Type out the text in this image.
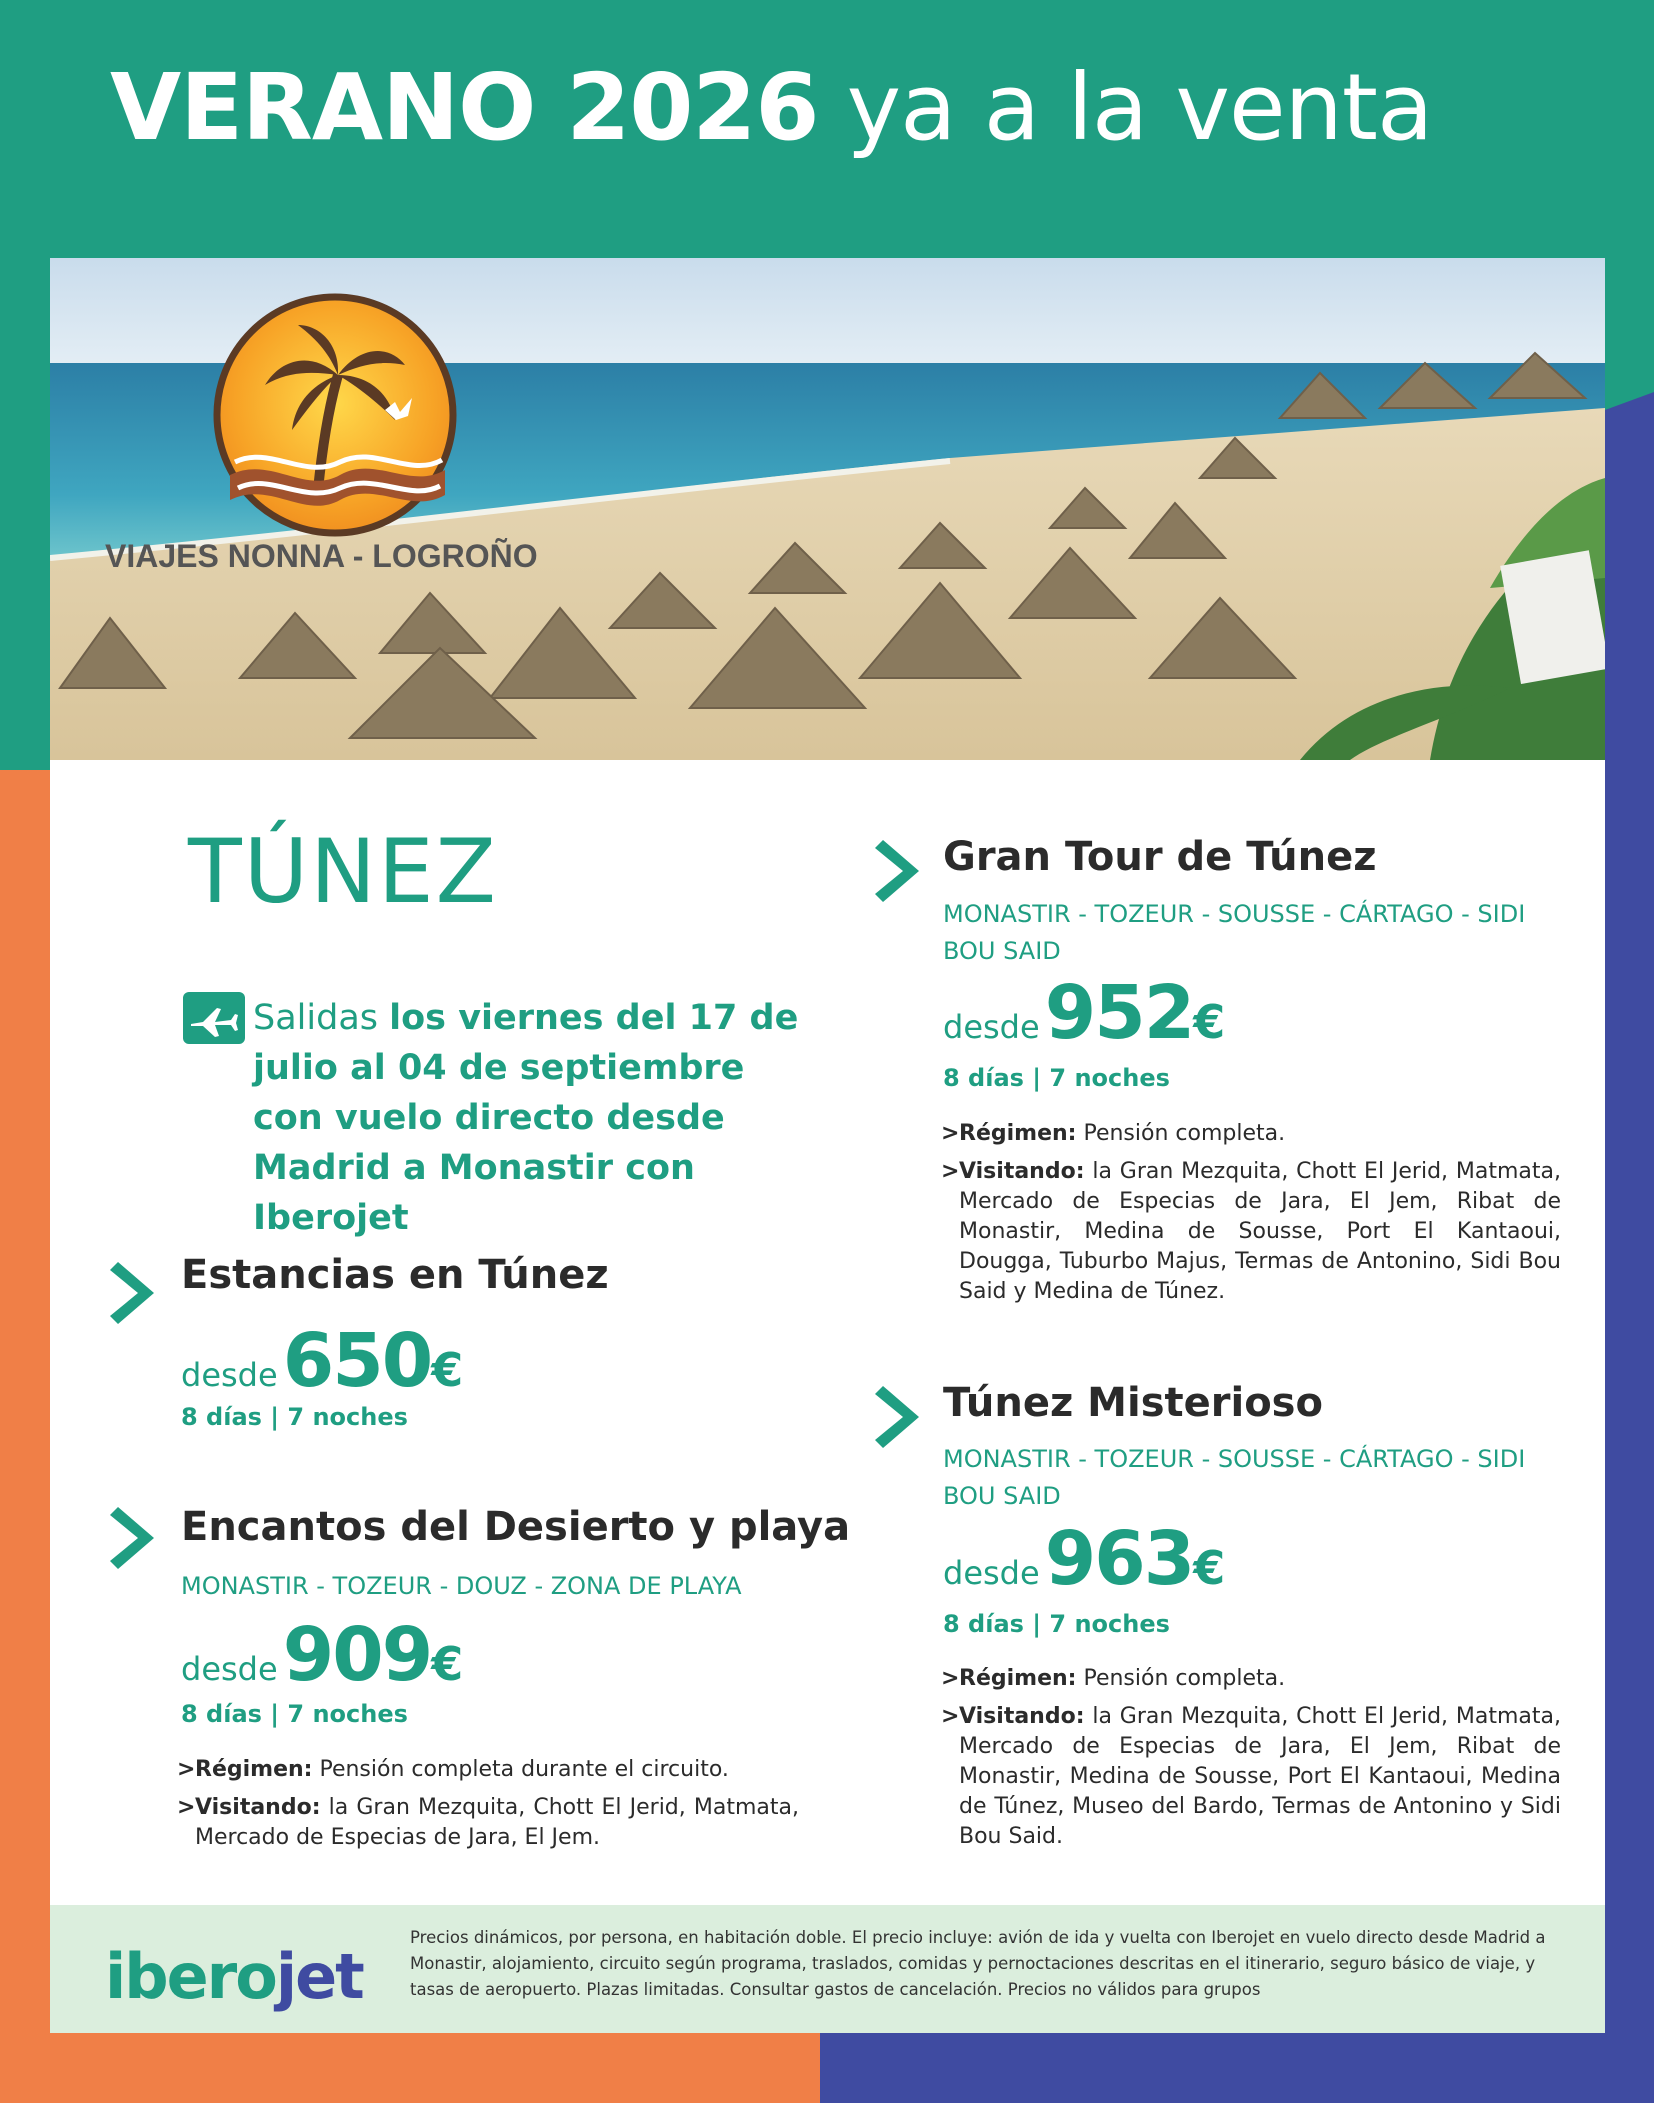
VERANO 2026 ya a la venta
VIAJES NONNA - LOGROÑO
TÚNEZ
Salidas los viernes del 17 de julio al 04 de septiembre con vuelo directo desde Madrid a Monastir con Iberojet
Estancias en Túnez
desde 650€
8 días | 7 noches
Encantos del Desierto y playa
MONASTIR - TOZEUR - DOUZ - ZONA DE PLAYA
desde 909€
8 días | 7 noches

>Régimen: Pensión completa durante el circuito.

>Visitando: la Gran Mezquita, Chott El Jerid, Matmata, Mercado de Especias de Jara, El Jem.

Gran Tour de Túnez
MONASTIR - TOZEUR - SOUSSE - CÁRTAGO - SIDI BOU SAID
desde 952€
8 días | 7 noches

>Régimen: Pensión completa.

>Visitando: la Gran Mezquita, Chott El Jerid, Matmata, Mercado de Especias de Jara, El Jem, Ribat de Monastir, Medina de Sousse, Port El Kantaoui, Dougga, Tuburbo Majus, Termas de Antonino, Sidi Bou Said y Medina de Túnez.

Túnez Misterioso
MONASTIR - TOZEUR - SOUSSE - CÁRTAGO - SIDI BOU SAID
desde 963€
8 días | 7 noches

>Régimen: Pensión completa.

>Visitando: la Gran Mezquita, Chott El Jerid, Matmata, Mercado de Especias de Jara, El Jem, Ribat de Monastir, Medina de Sousse, Port El Kantaoui, Medina de Túnez, Museo del Bardo, Termas de Antonino y Sidi Bou Said.

iberojet
Precios dinámicos, por persona, en habitación doble. El precio incluye: avión de ida y vuelta con Iberojet en vuelo directo desde Madrid a Monastir, alojamiento, circuito según programa, traslados, comidas y pernoctaciones descritas en el itinerario, seguro básico de viaje, y tasas de aeropuerto. Plazas limitadas. Consultar gastos de cancelación. Precios no válidos para grupos
